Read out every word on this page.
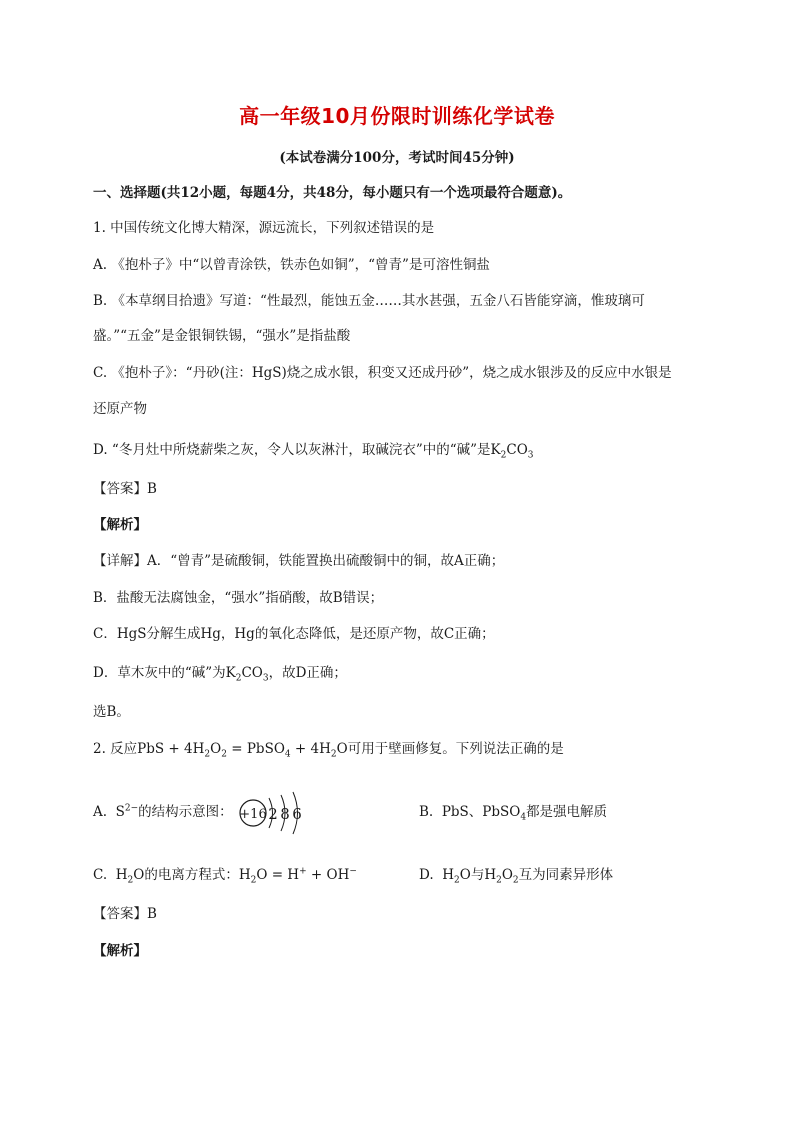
高一年级10月份限时训练化学试卷
(本试卷满分100分，考试时间45分钟)
一、选择题(共12小题，每题4分，共48分，每小题只有一个选项最符合题意)。
1. 中国传统文化博大精深，源远流长，下列叙述错误的是
A. 《抱朴子》中“以曾青涂铁，铁赤色如铜”，“曾青”是可溶性铜盐
B. 《本草纲目拾遗》写道：“性最烈，能蚀五金……其水甚强，五金八石皆能穿滴，惟玻璃可
盛。”“五金”是金银铜铁锡，“强水”是指盐酸
C. 《抱朴子》：“丹砂(注：HgS)烧之成水银，积变又还成丹砂”，烧之成水银涉及的反应中水银是
还原产物
D. “冬月灶中所烧薪柴之灰，令人以灰淋汁，取碱浣衣”中的“碱”是$K_2CO_3$
【答案】B
【解析】
【详解】A．“曾青”是硫酸铜，铁能置换出硫酸铜中的铜，故A正确；
B．盐酸无法腐蚀金，“强水”指硝酸，故B错误；
C．HgS分解生成Hg，Hg的氧化态降低，是还原产物，故C正确；
D．草木灰中的“碱”为$K_2CO_3$，故D正确；
选B。
2. 反应PbS + $4H_2O_2$ = PbSO$_4$ + $4H_2O$可用于壁画修复。下列说法正确的是
A. $S^{2-}$的结构示意图： +16 2 8 6	B. PbS、PbSO$_4$都是强电解质
C. $H_2O$的电离方程式：$H_2O = H^+ + OH^-$	D. $H_2O$与$H_2O_2$互为同素异形体
【答案】B
【解析】
